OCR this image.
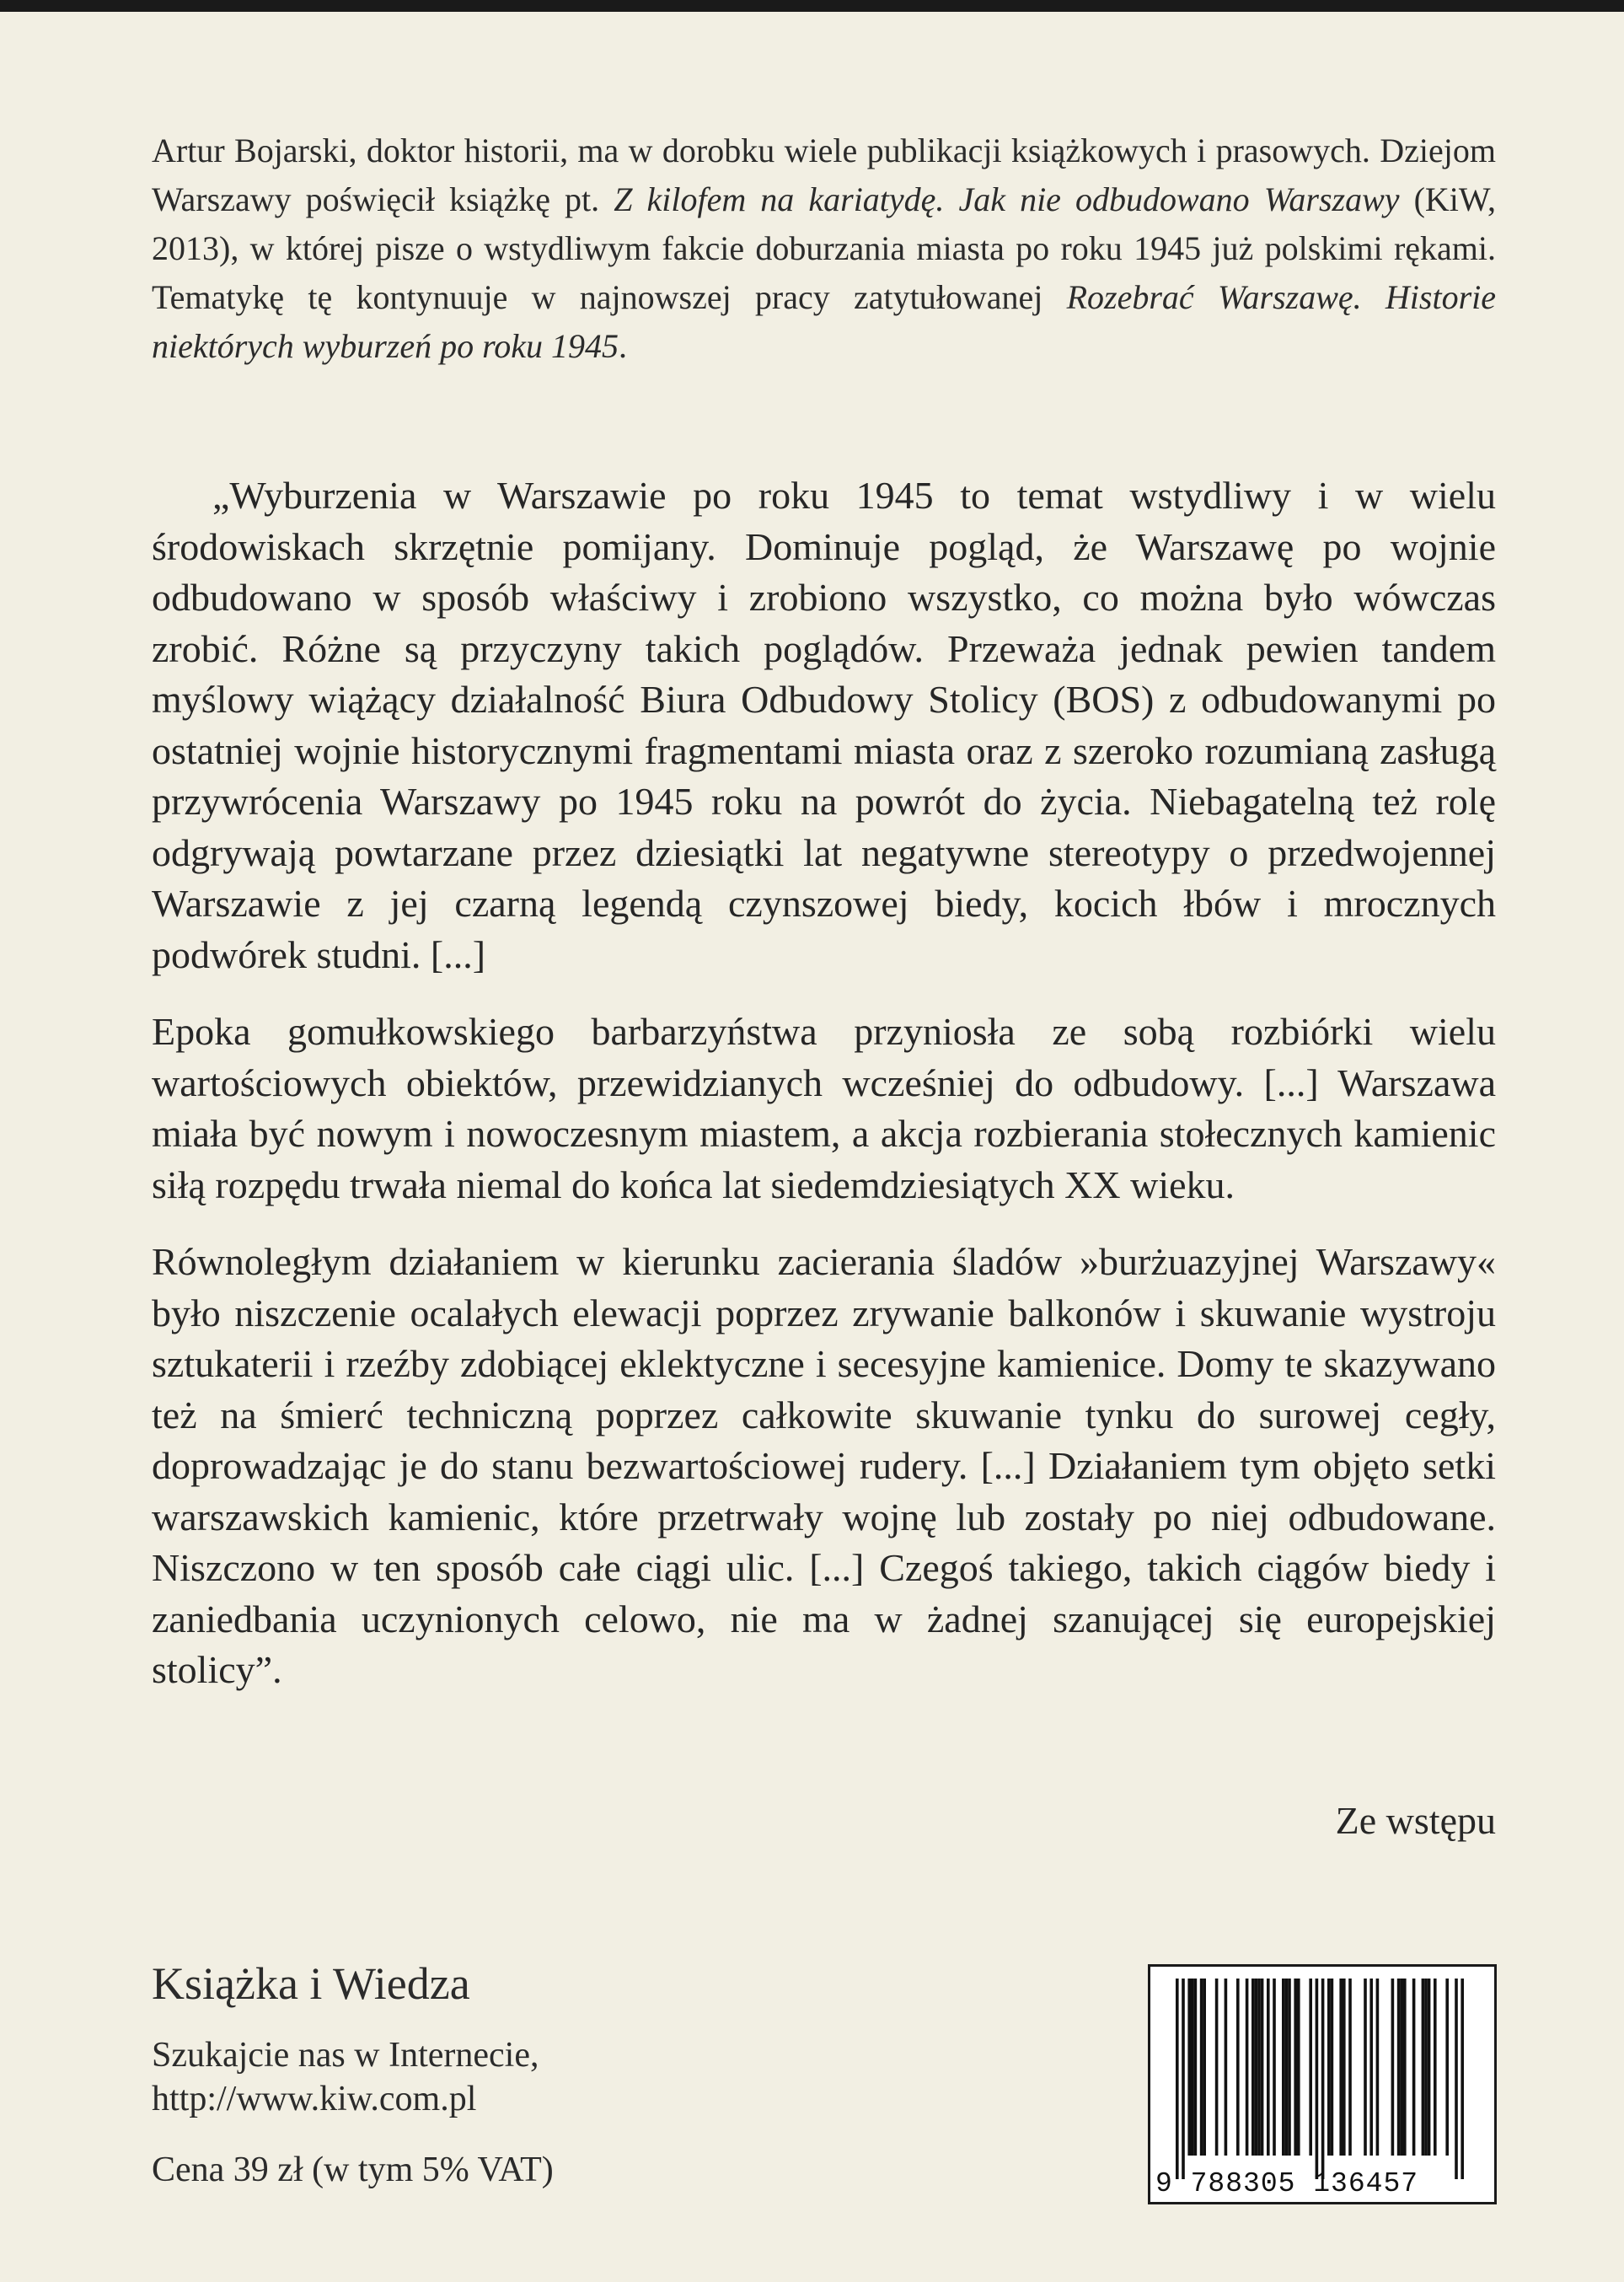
Artur Bojarski, doktor historii, ma w dorobku wiele publikacji książkowych i prasowych. Dziejom Warszawy poświęcił książkę pt. Z kilofem na kariatydę. Jak nie odbudowano Warszawy (KiW, 2013), w której pisze o wstydliwym fakcie doburzania miasta po roku 1945 już polskimi rękami. Tematykę tę kontynuuje w najnowszej pracy zatytułowanej Rozebrać Warszawę. Historie niektórych wyburzeń po roku 1945.

„Wyburzenia w Warszawie po roku 1945 to temat wstydliwy i w wielu środowiskach skrzętnie pomijany. Dominuje pogląd, że Warszawę po wojnie odbudowano w sposób właściwy i zrobiono wszystko, co można było wówczas zrobić. Różne są przyczyny takich poglądów. Przeważa jednak pewien tandem myślowy wiążący działalność Biura Odbudowy Stolicy (BOS) z odbudowanymi po ostatniej wojnie historycznymi fragmentami miasta oraz z szeroko rozumianą zasługą przywrócenia Warszawy po 1945 roku na powrót do życia. Niebagatelną też rolę odgrywają powtarzane przez dziesiątki lat negatywne stereotypy o przedwojennej Warszawie z jej czarną legendą czynszowej biedy, kocich łbów i mrocznych podwórek studni. [...]

Epoka gomułkowskiego barbarzyństwa przyniosła ze sobą rozbiórki wielu wartościowych obiektów, przewidzianych wcześniej do odbudowy. [...] Warszawa miała być nowym i nowoczesnym miastem, a akcja rozbierania stołecznych kamienic siłą rozpędu trwała niemal do końca lat siedemdziesiątych XX wieku.

Równoległym działaniem w kierunku zacierania śladów »burżuazyjnej Warszawy« było niszczenie ocalałych elewacji poprzez zrywanie balkonów i skuwanie wystroju sztukaterii i rzeźby zdobiącej eklektyczne i secesyjne kamienice. Domy te skazywano też na śmierć techniczną poprzez całkowite skuwanie tynku do surowej cegły, doprowadzając je do stanu bezwartościowej rudery. [...] Działaniem tym objęto setki warszawskich kamienic, które przetrwały wojnę lub zostały po niej odbudowane. Niszczono w ten sposób całe ciągi ulic. [...] Czegoś takiego, takich ciągów biedy i zaniedbania uczynionych celowo, nie ma w żadnej szanującej się europejskiej stolicy”.

Ze wstępu

Książka i Wiedza

Szukajcie nas w Internecie,

http://www.kiw.com.pl

Cena 39 zł (w tym 5% VAT)	9 788305 136457
